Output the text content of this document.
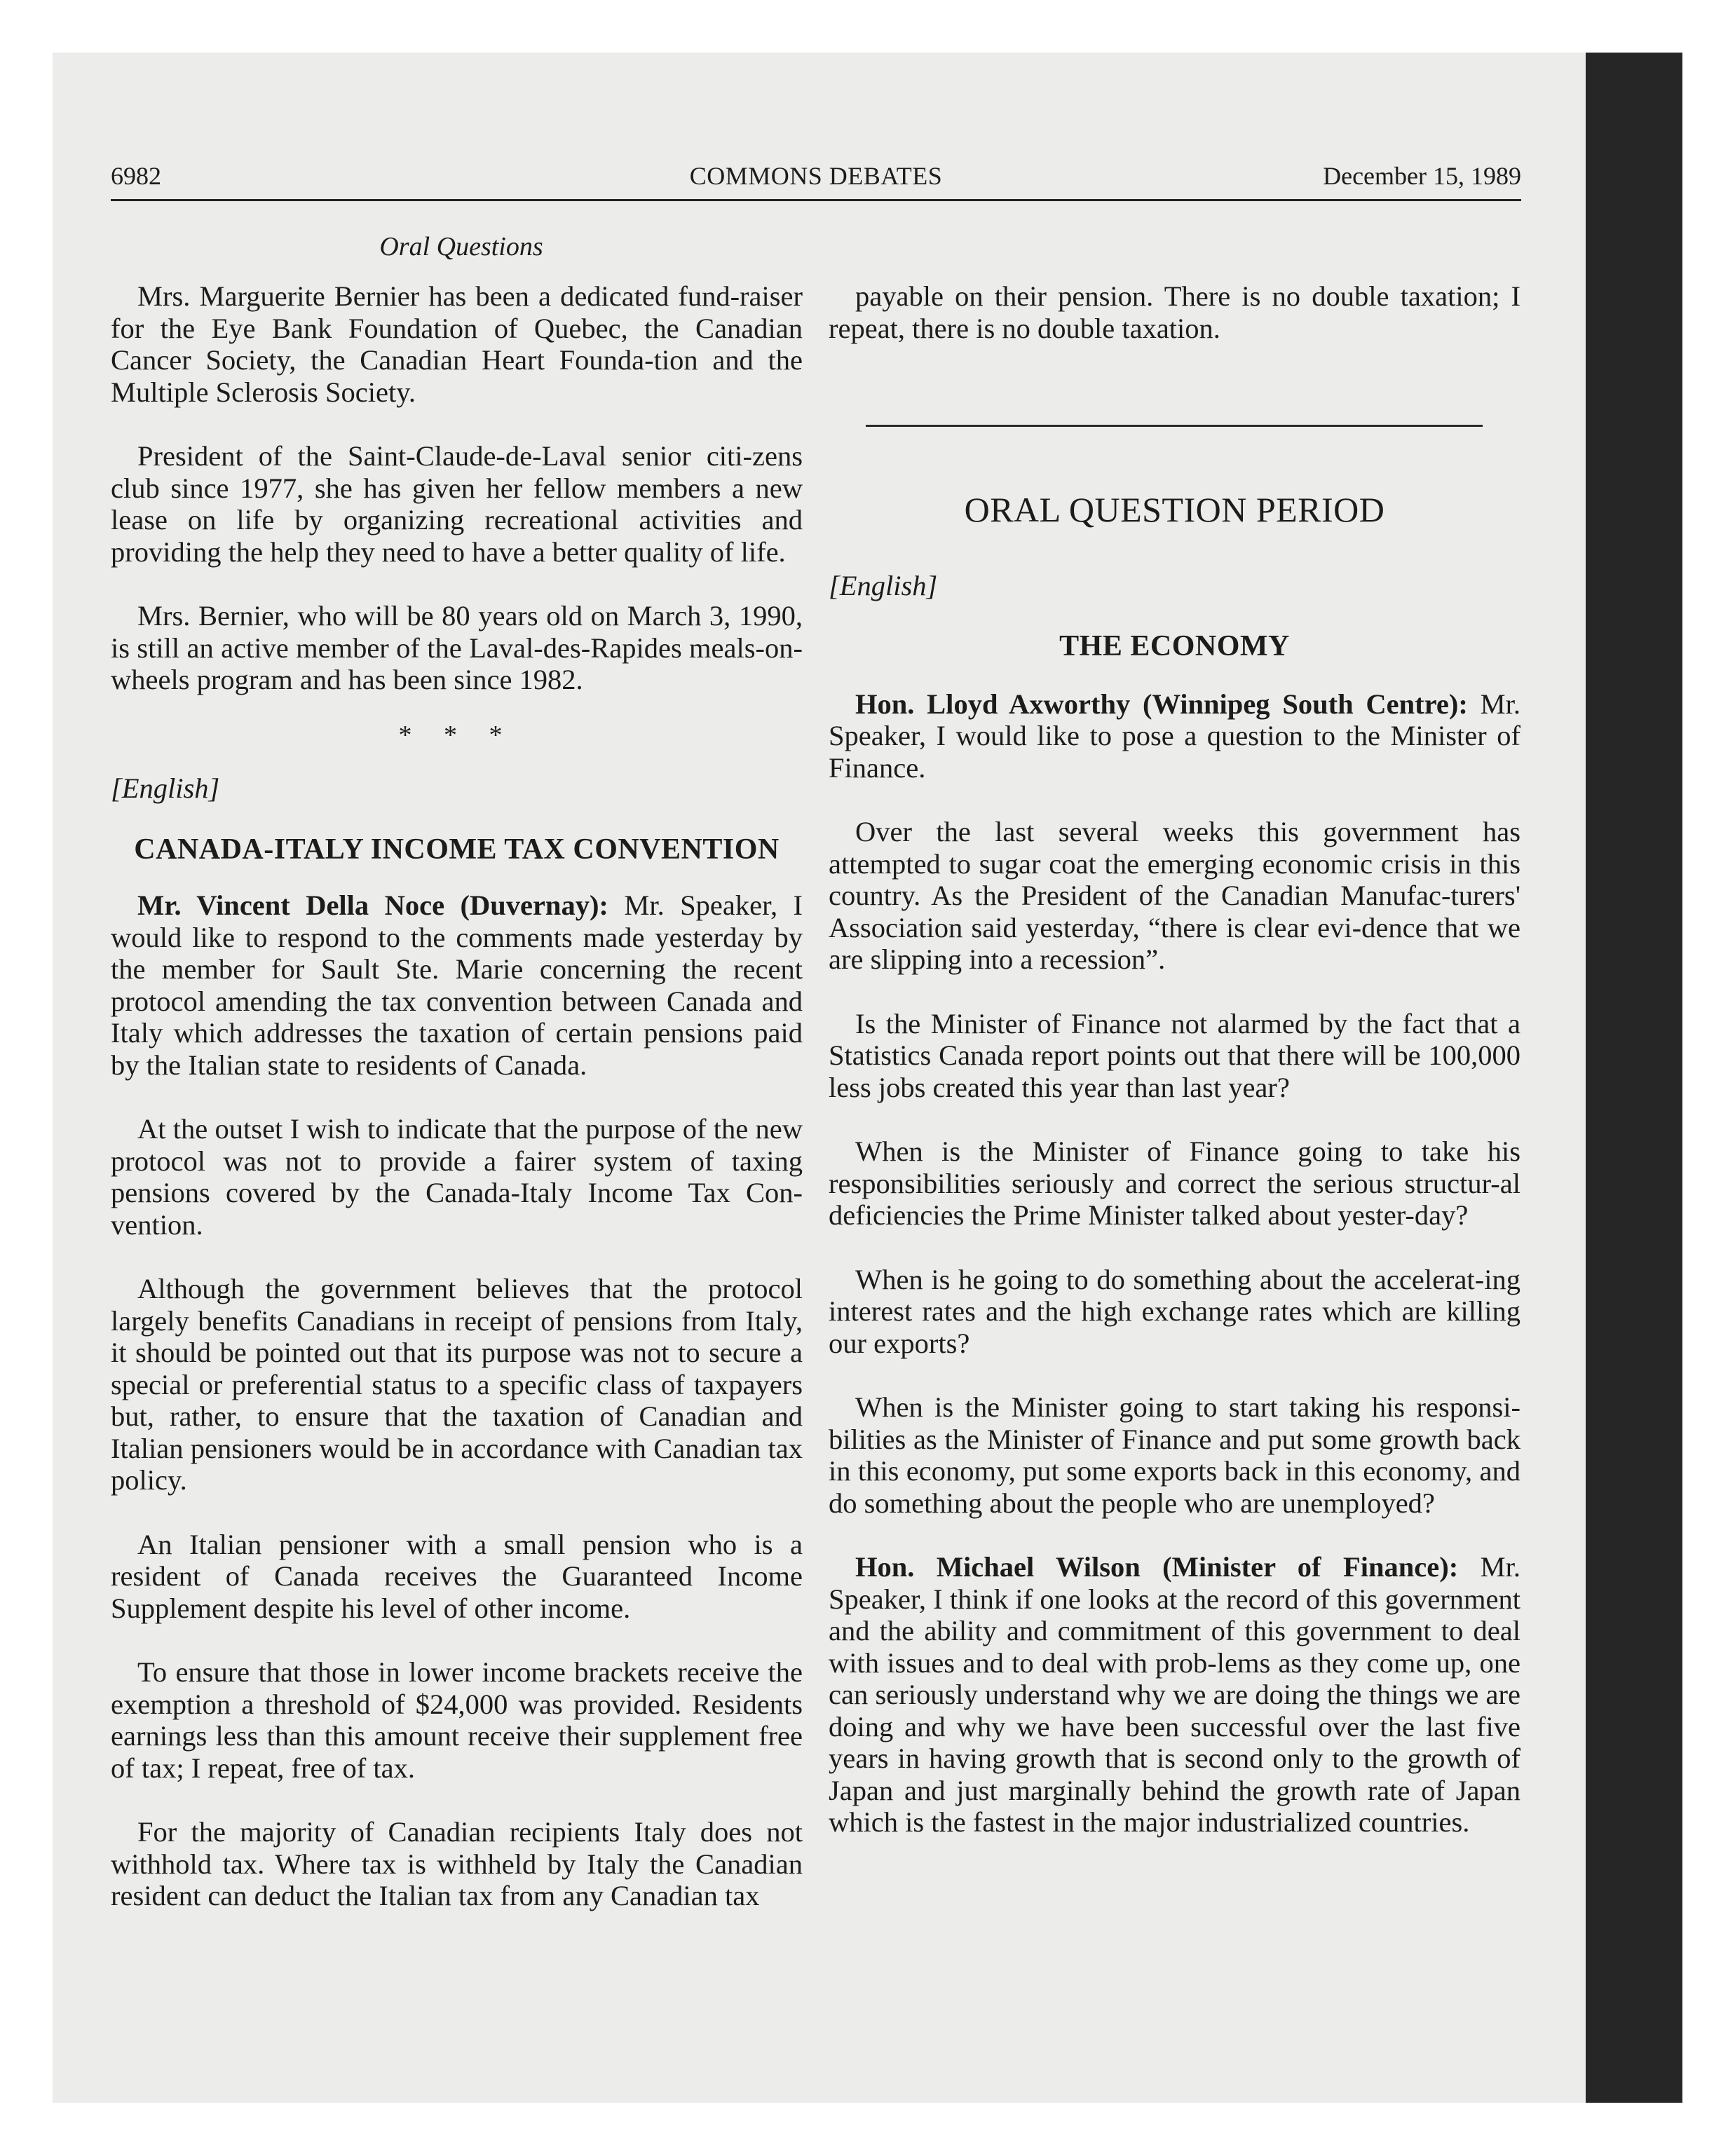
6982	COMMONS DEBATES	December 15, 1989
Oral Questions

Mrs. Marguerite Bernier has been a dedicated fund-raiser for the Eye Bank Foundation of Quebec, the Canadian Cancer Society, the Canadian Heart Founda-tion and the Multiple Sclerosis Society.

President of the Saint-Claude-de-Laval senior citi-zens club since 1977, she has given her fellow members a new lease on life by organizing recreational activities and providing the help they need to have a better quality of life.

Mrs. Bernier, who will be 80 years old on March 3, 1990, is still an active member of the Laval-des-Rapides meals-on-wheels program and has been since 1982.

* * *
[English]
CANADA-ITALY INCOME TAX CONVENTION

Mr. Vincent Della Noce (Duvernay): Mr. Speaker, I would like to respond to the comments made yesterday by the member for Sault Ste. Marie concerning the recent protocol amending the tax convention between Canada and Italy which addresses the taxation of certain pensions paid by the Italian state to residents of Canada.

At the outset I wish to indicate that the purpose of the new protocol was not to provide a fairer system of taxing pensions covered by the Canada-Italy Income Tax Con-vention.

Although the government believes that the protocol largely benefits Canadians in receipt of pensions from Italy, it should be pointed out that its purpose was not to secure a special or preferential status to a specific class of taxpayers but, rather, to ensure that the taxation of Canadian and Italian pensioners would be in accordance with Canadian tax policy.

An Italian pensioner with a small pension who is a resident of Canada receives the Guaranteed Income Supplement despite his level of other income.

To ensure that those in lower income brackets receive the exemption a threshold of $24,000 was provided. Residents earnings less than this amount receive their supplement free of tax; I repeat, free of tax.

For the majority of Canadian recipients Italy does not withhold tax. Where tax is withheld by Italy the Canadian resident can deduct the Italian tax from any Canadian tax

payable on their pension. There is no double taxation; I repeat, there is no double taxation.

ORAL QUESTION PERIOD
[English]
THE ECONOMY

Hon. Lloyd Axworthy (Winnipeg South Centre): Mr. Speaker, I would like to pose a question to the Minister of Finance.

Over the last several weeks this government has attempted to sugar coat the emerging economic crisis in this country. As the President of the Canadian Manufac-turers' Association said yesterday, “there is clear evi-dence that we are slipping into a recession”.

Is the Minister of Finance not alarmed by the fact that a Statistics Canada report points out that there will be 100,000 less jobs created this year than last year?

When is the Minister of Finance going to take his responsibilities seriously and correct the serious structur-al deficiencies the Prime Minister talked about yester-day?

When is he going to do something about the accelerat-ing interest rates and the high exchange rates which are killing our exports?

When is the Minister going to start taking his responsi-bilities as the Minister of Finance and put some growth back in this economy, put some exports back in this economy, and do something about the people who are unemployed?

Hon. Michael Wilson (Minister of Finance): Mr. Speaker, I think if one looks at the record of this government and the ability and commitment of this government to deal with issues and to deal with prob-lems as they come up, one can seriously understand why we are doing the things we are doing and why we have been successful over the last five years in having growth that is second only to the growth of Japan and just marginally behind the growth rate of Japan which is the fastest in the major industrialized countries.
